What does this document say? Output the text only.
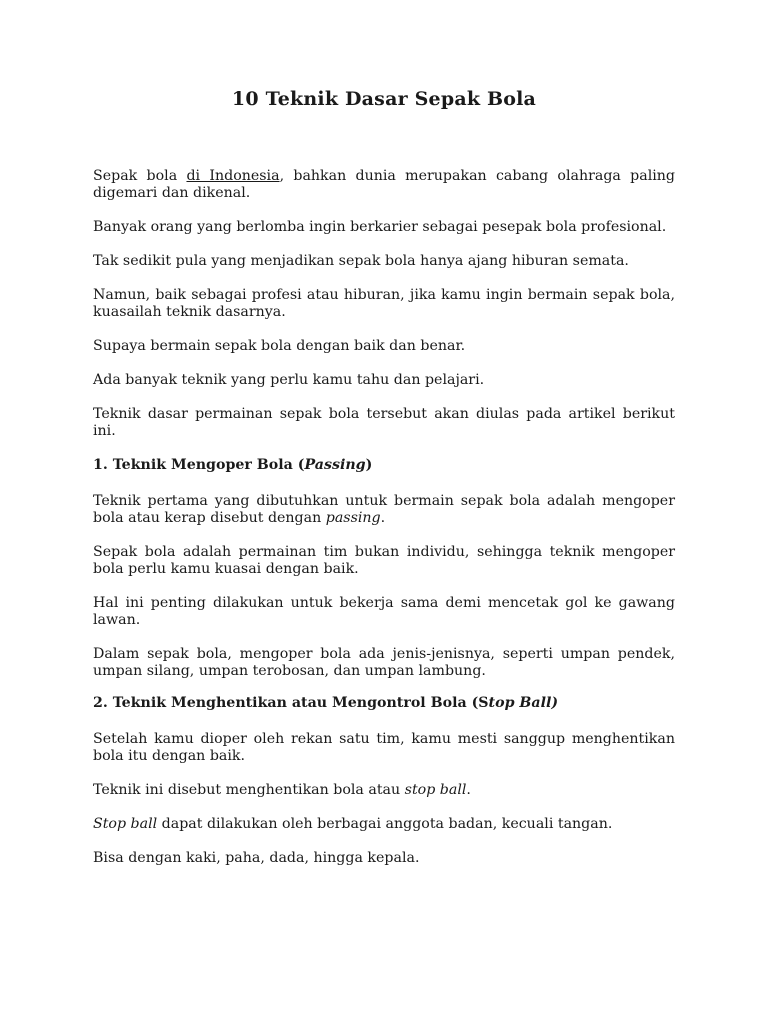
10 Teknik Dasar Sepak Bola

Sepak bola di Indonesia, bahkan dunia merupakan cabang olahraga paling digemari dan dikenal.

Banyak orang yang berlomba ingin berkarier sebagai pesepak bola profesional.

Tak sedikit pula yang menjadikan sepak bola hanya ajang hiburan semata.

Namun, baik sebagai profesi atau hiburan, jika kamu ingin bermain sepak bola, kuasailah teknik dasarnya.

Supaya bermain sepak bola dengan baik dan benar.

Ada banyak teknik yang perlu kamu tahu dan pelajari.

Teknik dasar permainan sepak bola tersebut akan diulas pada artikel berikut ini.

1. Teknik Mengoper Bola (Passing)

Teknik pertama yang dibutuhkan untuk bermain sepak bola adalah mengoper bola atau kerap disebut dengan passing.

Sepak bola adalah permainan tim bukan individu, sehingga teknik mengoper bola perlu kamu kuasai dengan baik.

Hal ini penting dilakukan untuk bekerja sama demi mencetak gol ke gawang lawan.

Dalam sepak bola, mengoper bola ada jenis-jenisnya, seperti umpan pendek, umpan silang, umpan terobosan, dan umpan lambung.

2. Teknik Menghentikan atau Mengontrol Bola (Stop Ball)

Setelah kamu dioper oleh rekan satu tim, kamu mesti sanggup menghentikan bola itu dengan baik.

Teknik ini disebut menghentikan bola atau stop ball.

Stop ball dapat dilakukan oleh berbagai anggota badan, kecuali tangan.

Bisa dengan kaki, paha, dada, hingga kepala.
